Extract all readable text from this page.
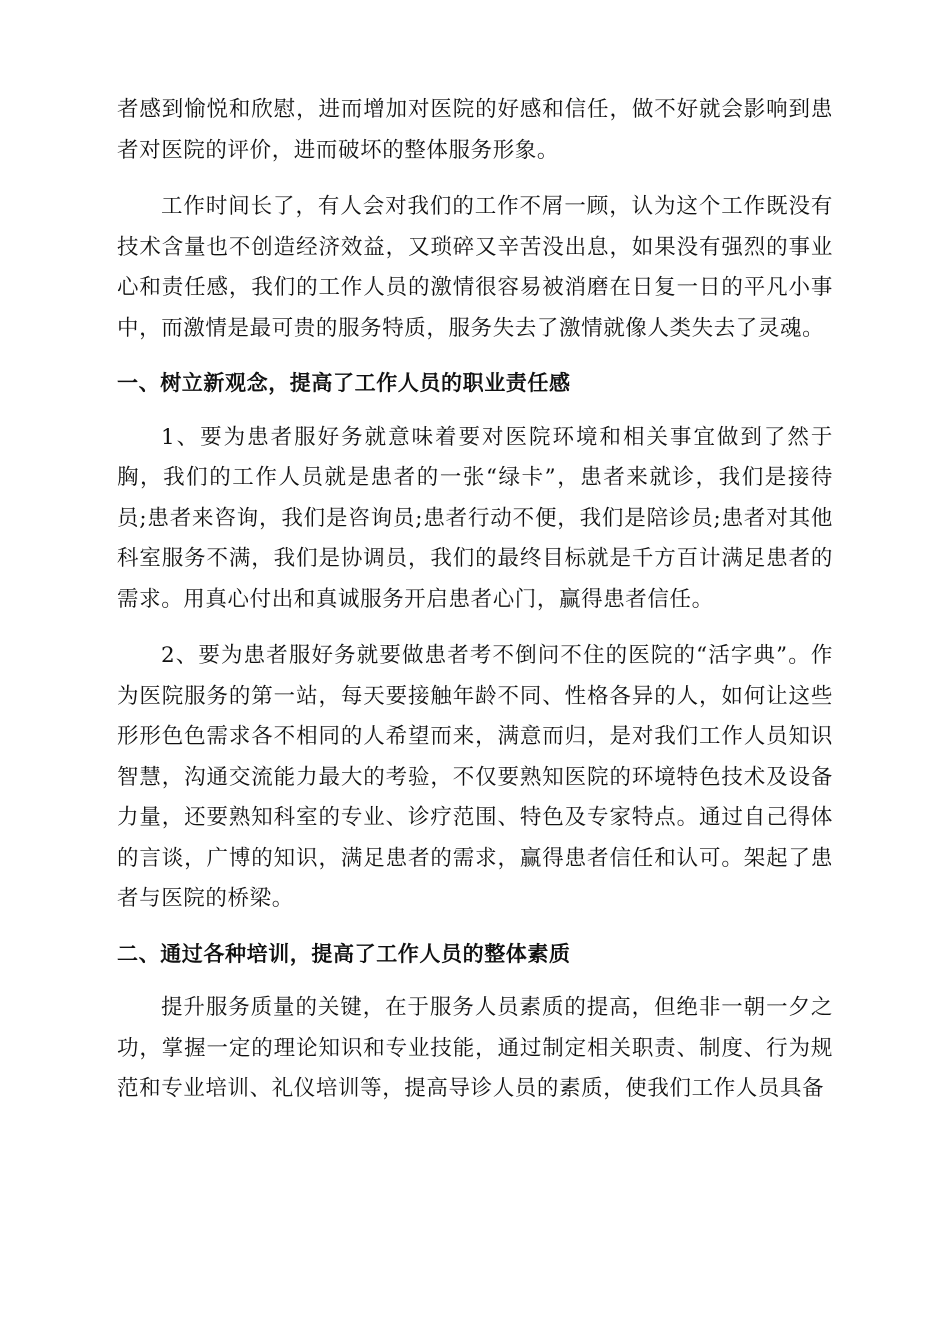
者感到愉悦和欣慰，进而增加对医院的好感和信任，做不好就会影响到患者对医院的评价，进而破坏的整体服务形象。

工作时间长了，有人会对我们的工作不屑一顾，认为这个工作既没有技术含量也不创造经济效益，又琐碎又辛苦没出息，如果没有强烈的事业心和责任感，我们的工作人员的激情很容易被消磨在日复一日的平凡小事中，而激情是最可贵的服务特质，服务失去了激情就像人类失去了灵魂。

一、树立新观念，提高了工作人员的职业责任感

1、要为患者服好务就意味着要对医院环境和相关事宜做到了然于胸，我们的工作人员就是患者的一张“绿卡”，患者来就诊，我们是接待员;患者来咨询，我们是咨询员;患者行动不便，我们是陪诊员;患者对其他科室服务不满，我们是协调员，我们的最终目标就是千方百计满足患者的需求。用真心付出和真诚服务开启患者心门，赢得患者信任。

2、要为患者服好务就要做患者考不倒问不住的医院的“活字典”。作为医院服务的第一站，每天要接触年龄不同、性格各异的人，如何让这些形形色色需求各不相同的人希望而来，满意而归，是对我们工作人员知识智慧，沟通交流能力最大的考验，不仅要熟知医院的环境特色技术及设备力量，还要熟知科室的专业、诊疗范围、特色及专家特点。通过自己得体的言谈，广博的知识，满足患者的需求，赢得患者信任和认可。架起了患者与医院的桥梁。

二、通过各种培训，提高了工作人员的整体素质

提升服务质量的关键，在于服务人员素质的提高，但绝非一朝一夕之功，掌握一定的理论知识和专业技能，通过制定相关职责、制度、行为规范和专业培训、礼仪培训等，提高导诊人员的素质，使我们工作人员具备
